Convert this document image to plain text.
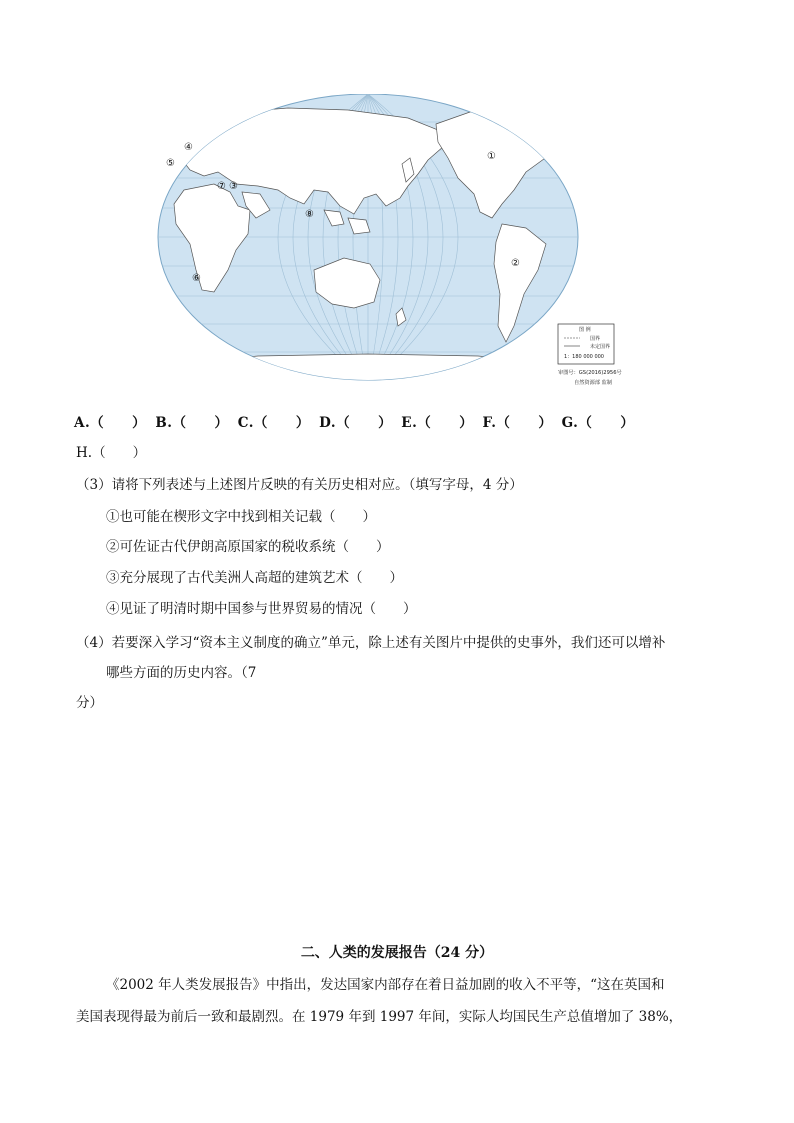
①
②
③
④
⑤
⑥
⑦
⑧
图 例
国界
未定国界
1：180 000 000
审图号：GS(2016)2956号
自然资源部 监制
A.（　　） B.（　　） C.（　　） D.（　　） E.（　　） F.（　　） G.（　　）
H.（　　）
（3）请将下列表述与上述图片反映的有关历史相对应。（填写字母，4 分）
①也可能在楔形文字中找到相关记载（　　）
②可佐证古代伊朗高原国家的税收系统（　　）
③充分展现了古代美洲人高超的建筑艺术（　　）
④见证了明清时期中国参与世界贸易的情况（　　）
（4）若要深入学习“资本主义制度的确立”单元，除上述有关图片中提供的史事外，我们还可以增补
哪些方面的历史内容。（7
分）
二、人类的发展报告（24 分）
《2002 年人类发展报告》中指出，发达国家内部存在着日益加剧的收入不平等，“这在英国和
美国表现得最为前后一致和最剧烈。在 1979 年到 1997 年间，实际人均国民生产总值增加了 38%，
